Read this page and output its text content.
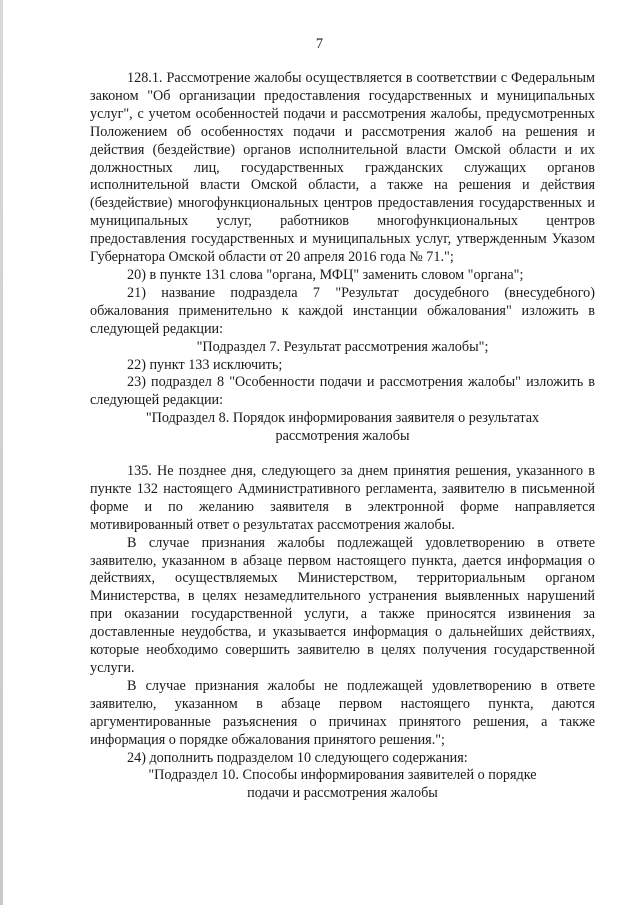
7

128.1. Рассмотрение жалобы осуществляется в соответствии с Федеральным законом "Об организации предоставления государственных и муниципальных услуг", с учетом особенностей подачи и рассмотрения жалобы, предусмотренных Положением об особенностях подачи и рассмотрения жалоб на решения и действия (бездействие) органов исполнительной власти Омской области и их должностных лиц, государственных гражданских служащих органов исполнительной власти Омской области, а также на решения и действия (бездействие) многофункциональных центров предоставления государственных и муниципальных услуг, работников многофункциональных центров предоставления государственных и муниципальных услуг, утвержденным Указом Губернатора Омской области от 20 апреля 2016 года № 71.";

20) в пункте 131 слова "органа, МФЦ" заменить словом "органа";

21) название подраздела 7 "Результат досудебного (внесудебного) обжалования применительно к каждой инстанции обжалования" изложить в следующей редакции:

"Подраздел 7. Результат рассмотрения жалобы";

22) пункт 133 исключить;

23) подраздел 8 "Особенности подачи и рассмотрения жалобы" изложить в следующей редакции:

"Подраздел 8. Порядок информирования заявителя о результатах

рассмотрения жалобы

135. Не позднее дня, следующего за днем принятия решения, указанного в пункте 132 настоящего Административного регламента, заявителю в письменной форме и по желанию заявителя в электронной форме направляется мотивированный ответ о результатах рассмотрения жалобы.

В случае признания жалобы подлежащей удовлетворению в ответе заявителю, указанном в абзаце первом настоящего пункта, дается информация о действиях, осуществляемых Министерством, территориальным органом Министерства, в целях незамедлительного устранения выявленных нарушений при оказании государственной услуги, а также приносятся извинения за доставленные неудобства, и указывается информация о дальнейших действиях, которые необходимо совершить заявителю в целях получения государственной услуги.

В случае признания жалобы не подлежащей удовлетворению в ответе заявителю, указанном в абзаце первом настоящего пункта, даются аргументированные разъяснения о причинах принятого решения, а также информация о порядке обжалования принятого решения.";

24) дополнить подразделом 10 следующего содержания:

"Подраздел 10. Способы информирования заявителей о порядке

подачи и рассмотрения жалобы
